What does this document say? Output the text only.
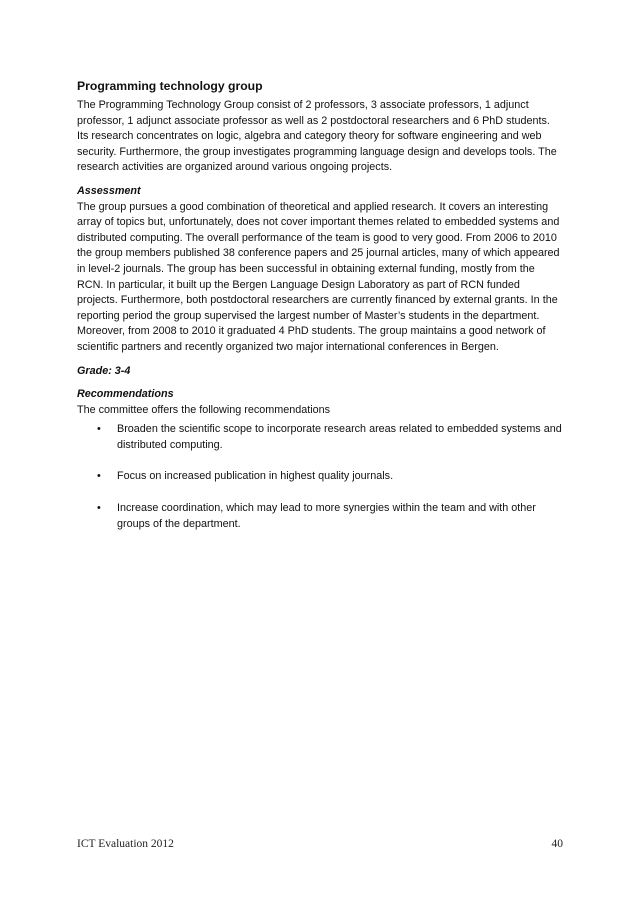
Programming technology group

The Programming Technology Group consist of 2 professors, 3 associate professors, 1 adjunct professor, 1 adjunct associate professor as well as 2 postdoctoral researchers and 6 PhD students. Its research concentrates on logic, algebra and category theory for software engineering and web security. Furthermore, the group investigates programming language design and develops tools. The research activities are organized around various ongoing projects.

Assessment

The group pursues a good combination of theoretical and applied research. It covers an interesting array of topics but, unfortunately, does not cover important themes related to embedded systems and distributed computing. The overall performance of the team is good to very good. From 2006 to 2010 the group members published 38 conference papers and 25 journal articles, many of which appeared in level-2 journals. The group has been successful in obtaining external funding, mostly from the RCN. In particular, it built up the Bergen Language Design Laboratory as part of RCN funded projects. Furthermore, both postdoctoral researchers are currently financed by external grants. In the reporting period the group supervised the largest number of Master’s students in the department. Moreover, from 2008 to 2010 it graduated 4 PhD students. The group maintains a good network of scientific partners and recently organized two major international conferences in Bergen.

Grade: 3-4
Recommendations

The committee offers the following recommendations

• Broaden the scientific scope to incorporate research areas related to embedded systems and distributed computing.
• Focus on increased publication in highest quality journals.
• Increase coordination, which may lead to more synergies within the team and with other groups of the department.
ICT Evaluation 2012	40
